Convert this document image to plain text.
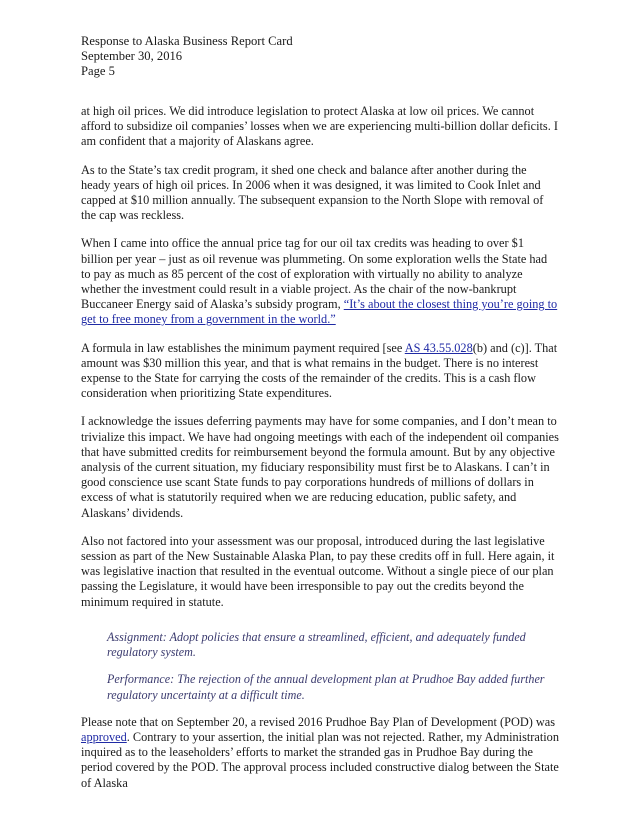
Response to Alaska Business Report Card
September 30, 2016
Page 5

at high oil prices. We did introduce legislation to protect Alaska at low oil prices. We cannot afford to subsidize oil companies’ losses when we are experiencing multi-billion dollar deficits. I am confident that a majority of Alaskans agree.

As to the State’s tax credit program, it shed one check and balance after another during the heady years of high oil prices. In 2006 when it was designed, it was limited to Cook Inlet and capped at $10 million annually. The subsequent expansion to the North Slope with removal of the cap was reckless.

When I came into office the annual price tag for our oil tax credits was heading to over $1 billion per year – just as oil revenue was plummeting. On some exploration wells the State had to pay as much as 85 percent of the cost of exploration with virtually no ability to analyze whether the investment could result in a viable project. As the chair of the now-bankrupt Buccaneer Energy said of Alaska’s subsidy program, “It’s about the closest thing you’re going to get to free money from a government in the world.”

A formula in law establishes the minimum payment required [see AS 43.55.028(b) and (c)]. That amount was $30 million this year, and that is what remains in the budget. There is no interest expense to the State for carrying the costs of the remainder of the credits. This is a cash flow consideration when prioritizing State expenditures.

I acknowledge the issues deferring payments may have for some companies, and I don’t mean to trivialize this impact. We have had ongoing meetings with each of the independent oil companies that have submitted credits for reimbursement beyond the formula amount. But by any objective analysis of the current situation, my fiduciary responsibility must first be to Alaskans. I can’t in good conscience use scant State funds to pay corporations hundreds of millions of dollars in excess of what is statutorily required when we are reducing education, public safety, and Alaskans’ dividends.

Also not factored into your assessment was our proposal, introduced during the last legislative session as part of the New Sustainable Alaska Plan, to pay these credits off in full. Here again, it was legislative inaction that resulted in the eventual outcome. Without a single piece of our plan passing the Legislature, it would have been irresponsible to pay out the credits beyond the minimum required in statute.

Assignment: Adopt policies that ensure a streamlined, efficient, and adequately funded regulatory system.

Performance: The rejection of the annual development plan at Prudhoe Bay added further regulatory uncertainty at a difficult time.

Please note that on September 20, a revised 2016 Prudhoe Bay Plan of Development (POD) was approved. Contrary to your assertion, the initial plan was not rejected. Rather, my Administration inquired as to the leaseholders’ efforts to market the stranded gas in Prudhoe Bay during the period covered by the POD. The approval process included constructive dialog between the State of Alaska
